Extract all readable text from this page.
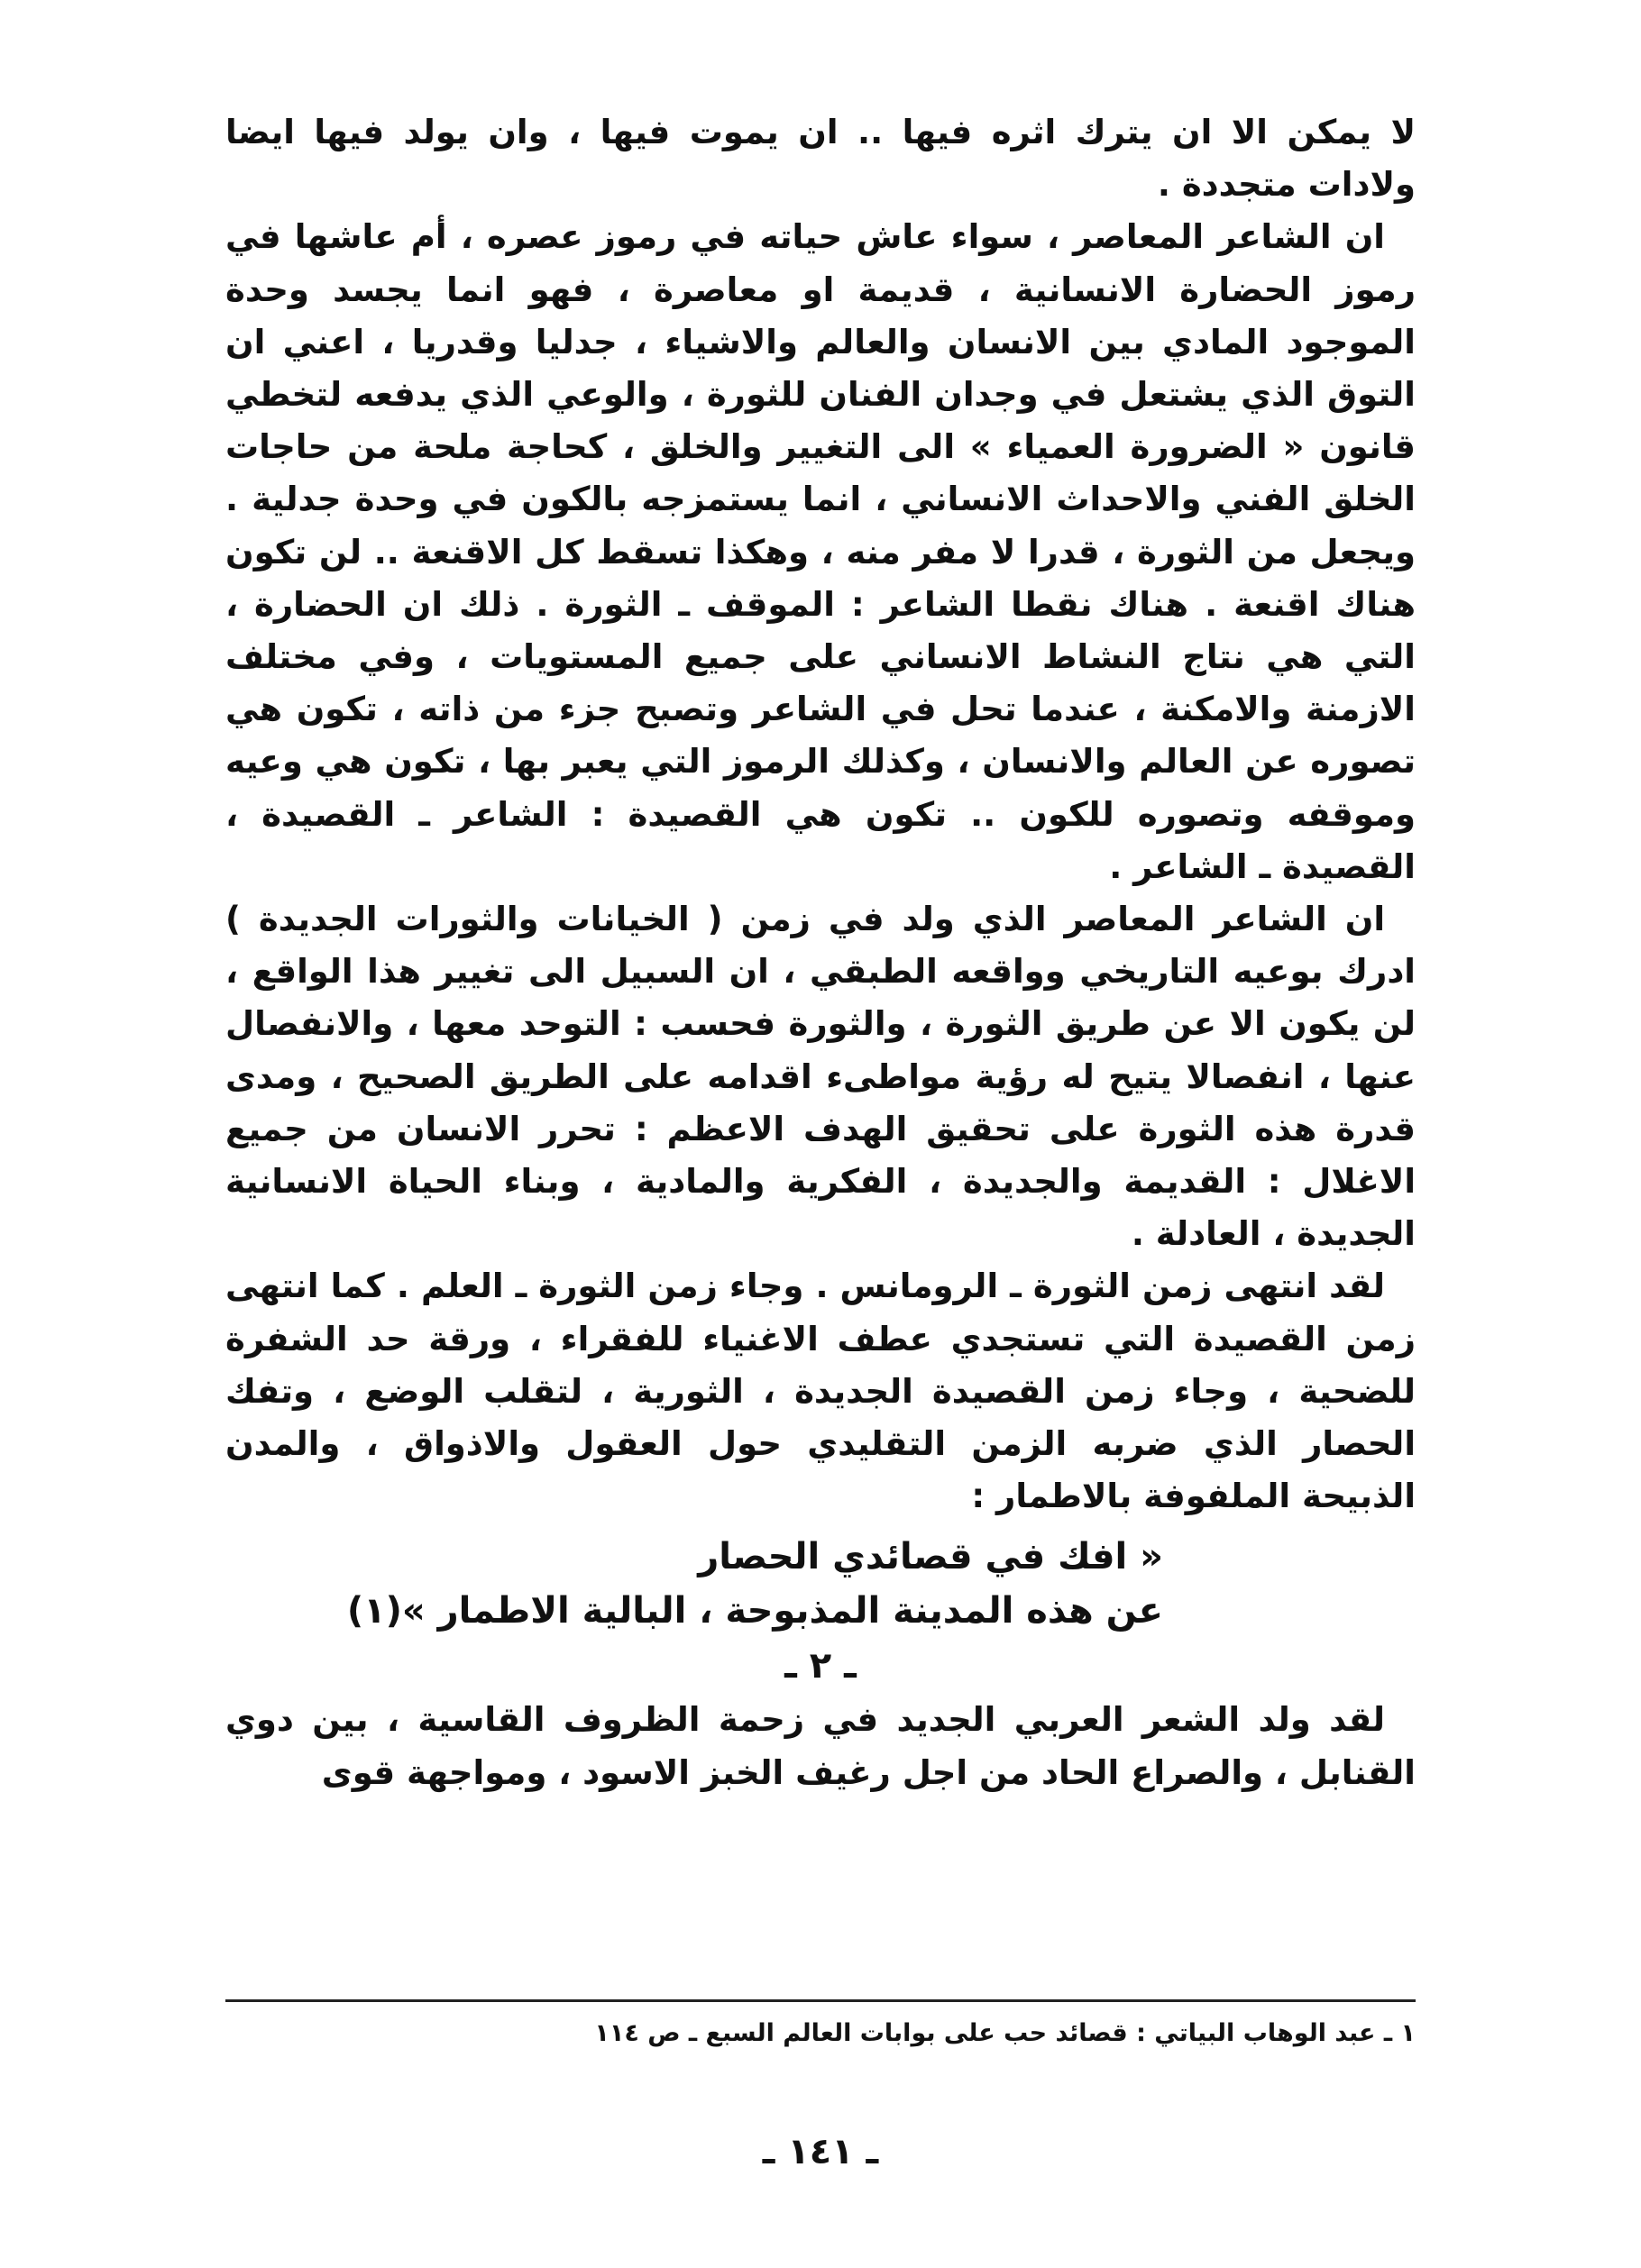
لا يمكن الا ان يترك اثره فيها .. ان يموت فيها ، وان يولد فيها ايضا ولادات متجددة .

ان الشاعر المعاصر ، سواء عاش حياته في رموز عصره ، أم عاشها في رموز الحضارة الانسانية ، قديمة او معاصرة ، فهو انما يجسد وحدة الموجود المادي بين الانسان والعالم والاشياء ، جدليا وقدريا ، اعني ان التوق الذي يشتعل في وجدان الفنان للثورة ، والوعي الذي يدفعه لتخطي قانون « الضرورة العمياء » الى التغيير والخلق ، كحاجة ملحة من حاجات الخلق الفني والاحداث الانساني ، انما يستمزجه بالكون في وحدة جدلية . ويجعل من الثورة ، قدرا لا مفر منه ، وهكذا تسقط كل الاقنعة .. لن تكون هناك اقنعة . هناك نقطا الشاعر : الموقف ـ الثورة . ذلك ان الحضارة ، التي هي نتاج النشاط الانساني على جميع المستويات ، وفي مختلف الازمنة والامكنة ، عندما تحل في الشاعر وتصبح جزء من ذاته ، تكون هي تصوره عن العالم والانسان ، وكذلك الرموز التي يعبر بها ، تكون هي وعيه وموقفه وتصوره للكون .. تكون هي القصيدة : الشاعر ـ القصيدة ، القصيدة ـ الشاعر .

ان الشاعر المعاصر الذي ولد في زمن ( الخيانات والثورات الجديدة ) ادرك بوعيه التاريخي وواقعه الطبقي ، ان السبيل الى تغيير هذا الواقع ، لن يكون الا عن طريق الثورة ، والثورة فحسب : التوحد معها ، والانفصال عنها ، انفصالا يتيح له رؤية مواطىء اقدامه على الطريق الصحيح ، ومدى قدرة هذه الثورة على تحقيق الهدف الاعظم : تحرر الانسان من جميع الاغلال : القديمة والجديدة ، الفكرية والمادية ، وبناء الحياة الانسانية الجديدة ، العادلة .

لقد انتهى زمن الثورة ـ الرومانس . وجاء زمن الثورة ـ العلم . كما انتهى زمن القصيدة التي تستجدي عطف الاغنياء للفقراء ، ورقة حد الشفرة للضحية ، وجاء زمن القصيدة الجديدة ، الثورية ، لتقلب الوضع ، وتفك الحصار الذي ضربه الزمن التقليدي حول العقول والاذواق ، والمدن الذبيحة الملفوفة بالاطمار :

« افك في قصائدي الحصار
عن هذه المدينة المذبوحة ، البالية الاطمار »(١)

ـ ٢ ـ

لقد ولد الشعر العربي الجديد في زحمة الظروف القاسية ، بين دوي القنابل ، والصراع الحاد من اجل رغيف الخبز الاسود ، ومواجهة قوى

١ ـ عبد الوهاب البياتي : قصائد حب على بوابات العالم السبع ـ ص ١١٤
ـ ١٤١ ـ
